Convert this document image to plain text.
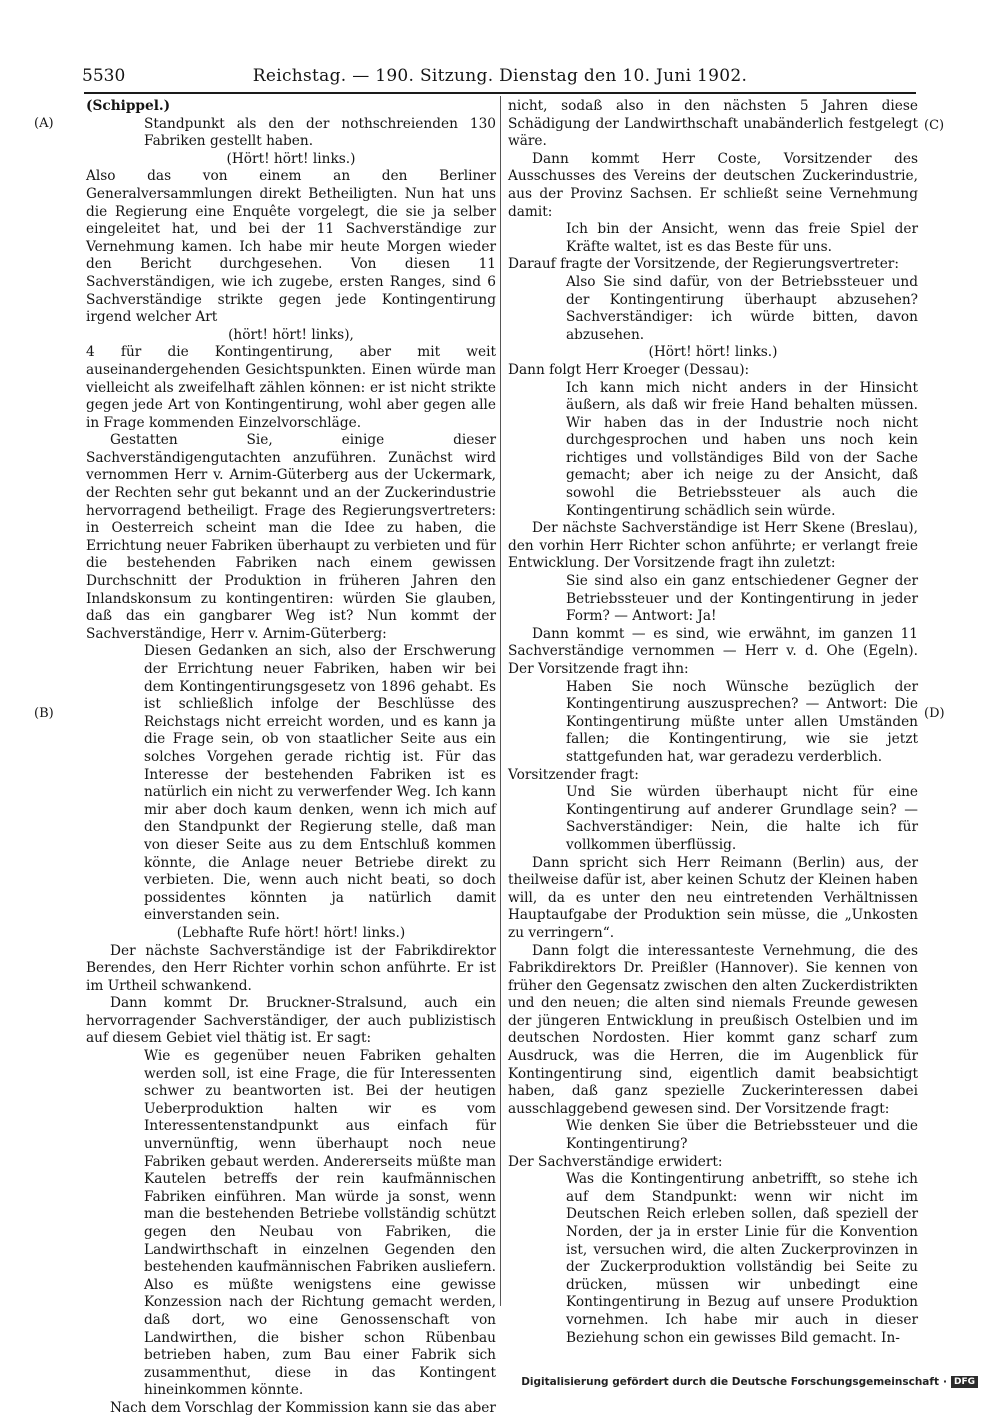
5530	Reichstag. — 190. Sitzung. Dienstag den 10. Juni 1902.
(A)
(B)
(C)
(D)

(Schippel.)

Standpunkt als den der nothschreienden 130 Fabriken gestellt haben.

(Hört! hört! links.)

Also das von einem an den Berliner Generalversammlungen direkt Betheiligten. Nun hat uns die Regierung eine Enquête vorgelegt, die sie ja selber eingeleitet hat, und bei der 11 Sachverständige zur Vernehmung kamen. Ich habe mir heute Morgen wieder den Bericht durchgesehen. Von diesen 11 Sachverständigen, wie ich zugebe, ersten Ranges, sind 6 Sachverständige strikte gegen jede Kontingentirung irgend welcher Art

(hört! hört! links),

4 für die Kontingentirung, aber mit weit auseinandergehenden Gesichtspunkten. Einen würde man vielleicht als zweifelhaft zählen können: er ist nicht strikte gegen jede Art von Kontingentirung, wohl aber gegen alle in Frage kommenden Einzelvorschläge.

Gestatten Sie, einige dieser Sachverständigengutachten anzuführen. Zunächst wird vernommen Herr v. Arnim-Güterberg aus der Uckermark, der Rechten sehr gut bekannt und an der Zuckerindustrie hervorragend betheiligt. Frage des Regierungsvertreters: in Oesterreich scheint man die Idee zu haben, die Errichtung neuer Fabriken überhaupt zu verbieten und für die bestehenden Fabriken nach einem gewissen Durchschnitt der Produktion in früheren Jahren den Inlandskonsum zu kontingentiren: würden Sie glauben, daß das ein gangbarer Weg ist? Nun kommt der Sachverständige, Herr v. Arnim-Güterberg:

Diesen Gedanken an sich, also der Erschwerung der Errichtung neuer Fabriken, haben wir bei dem Kontingentirungsgesetz von 1896 gehabt. Es ist schließlich infolge der Beschlüsse des Reichstags nicht erreicht worden, und es kann ja die Frage sein, ob von staatlicher Seite aus ein solches Vorgehen gerade richtig ist. Für das Interesse der bestehenden Fabriken ist es natürlich ein nicht zu verwerfender Weg. Ich kann mir aber doch kaum denken, wenn ich mich auf den Standpunkt der Regierung stelle, daß man von dieser Seite aus zu dem Entschluß kommen könnte, die Anlage neuer Betriebe direkt zu verbieten. Die, wenn auch nicht beati, so doch possidentes könnten ja natürlich damit einverstanden sein.

(Lebhafte Rufe hört! hört! links.)

Der nächste Sachverständige ist der Fabrikdirektor Berendes, den Herr Richter vorhin schon anführte. Er ist im Urtheil schwankend.

Dann kommt Dr. Bruckner-Stralsund, auch ein hervorragender Sachverständiger, der auch publizistisch auf diesem Gebiet viel thätig ist. Er sagt:

Wie es gegenüber neuen Fabriken gehalten werden soll, ist eine Frage, die für Interessenten schwer zu beantworten ist. Bei der heutigen Ueberproduktion halten wir es vom Interessentenstandpunkt aus einfach für unvernünftig, wenn überhaupt noch neue Fabriken gebaut werden. Andererseits müßte man Kautelen betreffs der rein kaufmännischen Fabriken einführen. Man würde ja sonst, wenn man die bestehenden Betriebe vollständig schützt gegen den Neubau von Fabriken, die Landwirthschaft in einzelnen Gegenden den bestehenden kaufmännischen Fabriken ausliefern. Also es müßte wenigstens eine gewisse Konzession nach der Richtung gemacht werden, daß dort, wo eine Genossenschaft von Landwirthen, die bisher schon Rübenbau betrieben haben, zum Bau einer Fabrik sich zusammenthut, diese in das Kontingent hineinkommen könnte.

Nach dem Vorschlag der Kommission kann sie das aber

nicht, sodaß also in den nächsten 5 Jahren diese Schädigung der Landwirthschaft unabänderlich festgelegt wäre.

Dann kommt Herr Coste, Vorsitzender des Ausschusses des Vereins der deutschen Zuckerindustrie, aus der Provinz Sachsen. Er schließt seine Vernehmung damit:

Ich bin der Ansicht, wenn das freie Spiel der Kräfte waltet, ist es das Beste für uns.

Darauf fragte der Vorsitzende, der Regierungsvertreter:

Also Sie sind dafür, von der Betriebssteuer und der Kontingentirung überhaupt abzusehen? Sachverständiger: ich würde bitten, davon abzusehen.

(Hört! hört! links.)

Dann folgt Herr Kroeger (Dessau):

Ich kann mich nicht anders in der Hinsicht äußern, als daß wir freie Hand behalten müssen. Wir haben das in der Industrie noch nicht durchgesprochen und haben uns noch kein richtiges und vollständiges Bild von der Sache gemacht; aber ich neige zu der Ansicht, daß sowohl die Betriebssteuer als auch die Kontingentirung schädlich sein würde.

Der nächste Sachverständige ist Herr Skene (Breslau), den vorhin Herr Richter schon anführte; er verlangt freie Entwicklung. Der Vorsitzende fragt ihn zuletzt:

Sie sind also ein ganz entschiedener Gegner der Betriebssteuer und der Kontingentirung in jeder Form? — Antwort: Ja!

Dann kommt — es sind, wie erwähnt, im ganzen 11 Sachverständige vernommen — Herr v. d. Ohe (Egeln). Der Vorsitzende fragt ihn:

Haben Sie noch Wünsche bezüglich der Kontingentirung auszusprechen? — Antwort: Die Kontingentirung müßte unter allen Umständen fallen; die Kontingentirung, wie sie jetzt stattgefunden hat, war geradezu verderblich.

Vorsitzender fragt:

Und Sie würden überhaupt nicht für eine Kontingentirung auf anderer Grundlage sein? — Sachverständiger: Nein, die halte ich für vollkommen überflüssig.

Dann spricht sich Herr Reimann (Berlin) aus, der theilweise dafür ist, aber keinen Schutz der Kleinen haben will, da es unter den neu eintretenden Verhältnissen Hauptaufgabe der Produktion sein müsse, die „Unkosten zu verringern“.

Dann folgt die interessanteste Vernehmung, die des Fabrikdirektors Dr. Preißler (Hannover). Sie kennen von früher den Gegensatz zwischen den alten Zuckerdistrikten und den neuen; die alten sind niemals Freunde gewesen der jüngeren Entwicklung in preußisch Ostelbien und im deutschen Nordosten. Hier kommt ganz scharf zum Ausdruck, was die Herren, die im Augenblick für Kontingentirung sind, eigentlich damit beabsichtigt haben, daß ganz spezielle Zuckerinteressen dabei ausschlaggebend gewesen sind. Der Vorsitzende fragt:

Wie denken Sie über die Betriebssteuer und die Kontingentirung?

Der Sachverständige erwidert:

Was die Kontingentirung anbetrifft, so stehe ich auf dem Standpunkt: wenn wir nicht im Deutschen Reich erleben sollen, daß speziell der Norden, der ja in erster Linie für die Konvention ist, versuchen wird, die alten Zuckerprovinzen in der Zuckerproduktion vollständig bei Seite zu drücken, müssen wir unbedingt eine Kontingentirung in Bezug auf unsere Produktion vornehmen. Ich habe mir auch in dieser Beziehung schon ein gewisses Bild gemacht. In-

Digitalisierung gefördert durch die Deutsche Forschungsgemeinschaft · DFG
